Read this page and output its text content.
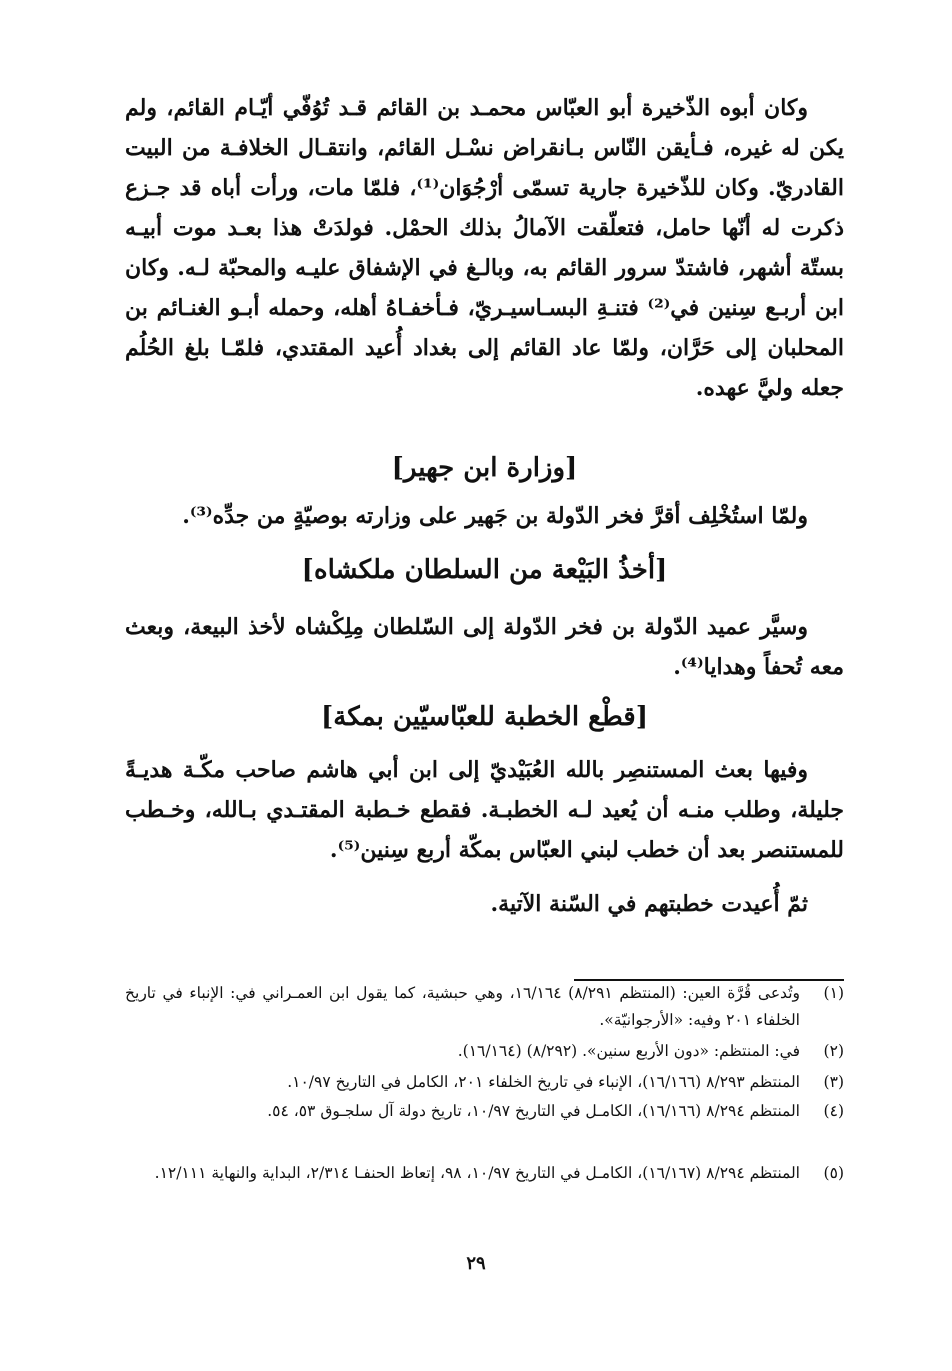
وكان أبوه الذّخيرة أبو العبّاس محمـد بن القائم قـد تُوُفّي أيّـام القائم، ولم يكن له غيره، فـأيقن النّاس بـانقراض نسْـل القائم، وانتقـال الخلافـة من البيت القادريّ. وكان للذّخيرة جارية تسمّى أرْجُوَان⁽¹⁾، فلمّا مات، ورأت أباه قد جـزع ذكرت له أنّها حامل، فتعلّقت الآمالُ بذلك الحمْل. فولدَتْ هذا بعـد موت أبيـه بستّة أشهر، فاشتدّ سرور القائم به، وبالـغ في الإشفاق عليـه والمحبّة لـه. وكان ابن أربـع سِنين في⁽²⁾ فتنـةِ البسـاسيـريّ، فـأخفـاهُ أهله، وحمله أبـو الغنـائم بن المحلبان إلى حَرَّان، ولمّا عاد القائم إلى بغداد أُعيد المقتدي، فلمّـا بلغ الحُلُم جعله وليَّ عهده.

[وزارة ابن جهير]

ولمّا استُخْلِف أقرَّ فخر الدّولة بن جَهير على وزارته بوصيّةٍ من جدِّه⁽³⁾.

[أخذُ البَيْعة من السلطان ملكشاه]

وسيَّر عميد الدّولة بن فخر الدّولة إلى السّلطان مِلِكْشاه لأخذ البيعة، وبعث معه تُحفاً وهدايا⁽⁴⁾.

[قطْع الخطبة للعبّاسيّين بمكة]

وفيها بعث المستنصِر بالله العُبَيْديّ إلى ابن أبي هاشم صاحب مكّـة هديـةً جليلة، وطلب منـه أن يُعيد لـه الخطبـة. فقطع خـطبة المقتـدي بـالله، وخـطب للمستنصر بعد أن خطب لبني العبّاس بمكّة أربع سِنين⁽⁵⁾.

ثمّ أُعيدت خطبتهم في السّنة الآتية.

(١)
وتُدعى قُرَّة العين: (المنتظم ٨/٢٩١) ١٦/١٦٤، وهي حبشية، كما يقول ابن العمـراني في: الإنباء في تاريخ الخلفاء ٢٠١ وفيه: «الأرجوانيّة».
(٢)
في: المنتظم: «دون الأربع سنين». (٨/٢٩٢) (١٦/١٦٤).
(٣)
المنتظم ٨/٢٩٣ (١٦/١٦٦)، الإنباء في تاريخ الخلفاء ٢٠١، الكامل في التاريخ ١٠/٩٧.
(٤)
المنتظم ٨/٢٩٤ (١٦/١٦٦)، الكامـل في التاريخ ١٠/٩٧، تاريخ دولة آل سلجـوق ٥٣، ٥٤.
(٥)
المنتظم ٨/٢٩٤ (١٦/١٦٧)، الكامـل في التاريخ ١٠/٩٧، ٩٨، إتعاظ الحنفـا ٢/٣١٤، البداية والنهاية ١٢/١١١.
٢٩
